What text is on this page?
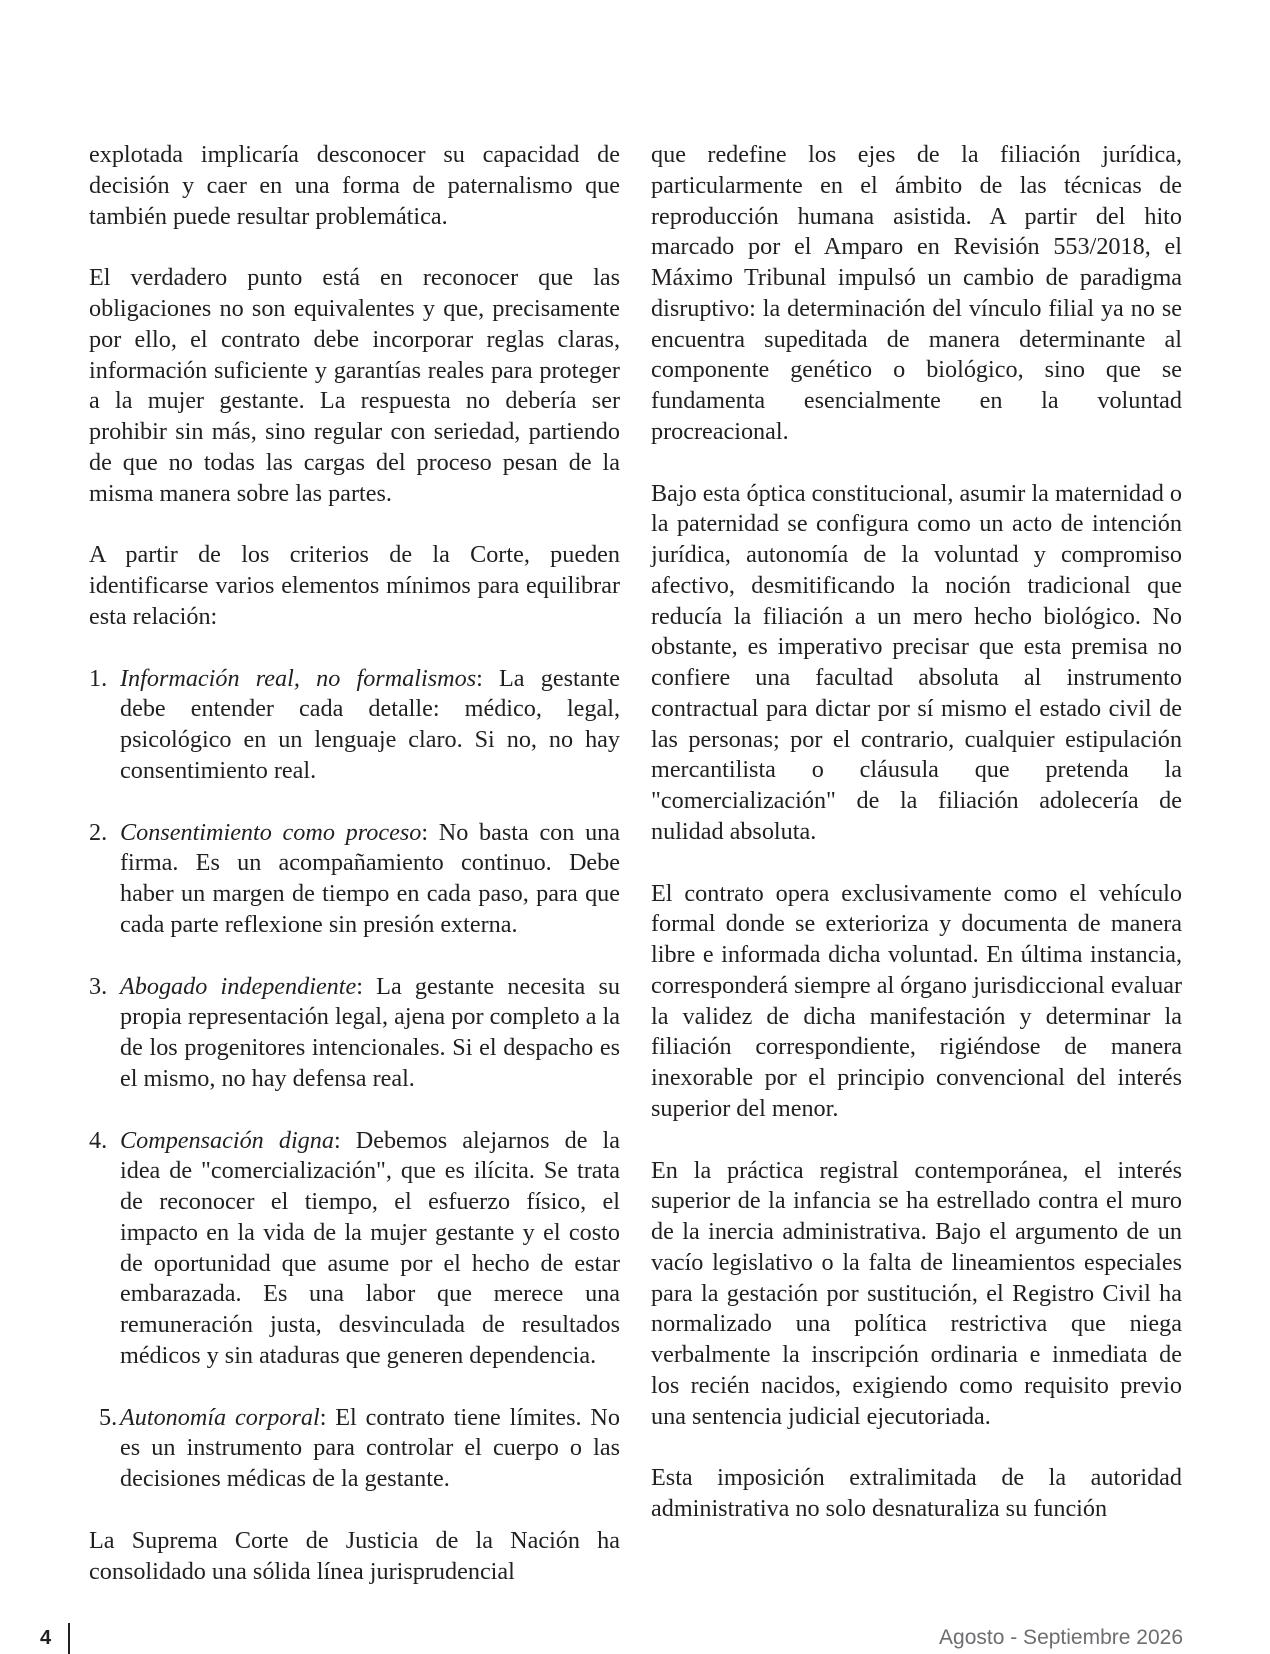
explotada implicaría desconocer su capacidad de decisión y caer en una forma de paternalismo que también puede resultar problemática.

El verdadero punto está en reconocer que las obligaciones no son equivalentes y que, precisamente por ello, el contrato debe incorporar reglas claras, información suficiente y garantías reales para proteger a la mujer gestante. La respuesta no debería ser prohibir sin más, sino regular con seriedad, partiendo de que no todas las cargas del proceso pesan de la misma manera sobre las partes.

A partir de los criterios de la Corte, pueden identificarse varios elementos mínimos para equilibrar esta relación:

1. Información real, no formalismos: La gestante debe entender cada detalle: médico, legal, psicológico en un lenguaje claro. Si no, no hay consentimiento real.
2. Consentimiento como proceso: No basta con una firma. Es un acompañamiento continuo. Debe haber un margen de tiempo en cada paso, para que cada parte reflexione sin presión externa.
3. Abogado independiente: La gestante necesita su propia representación legal, ajena por completo a la de los progenitores intencionales. Si el despacho es el mismo, no hay defensa real.
4. Compensación digna: Debemos alejarnos de la idea de "comercialización", que es ilícita. Se trata de reconocer el tiempo, el esfuerzo físico, el impacto en la vida de la mujer gestante y el costo de oportunidad que asume por el hecho de estar embarazada. Es una labor que merece una remuneración justa, desvinculada de resultados médicos y sin ataduras que generen dependencia.
5. Autonomía corporal: El contrato tiene límites. No es un instrumento para controlar el cuerpo o las decisiones médicas de la gestante.

La Suprema Corte de Justicia de la Nación ha consolidado una sólida línea jurisprudencial

que redefine los ejes de la filiación jurídica, particularmente en el ámbito de las técnicas de reproducción humana asistida. A partir del hito marcado por el Amparo en Revisión 553/2018, el Máximo Tribunal impulsó un cambio de paradigma disruptivo: la determinación del vínculo filial ya no se encuentra supeditada de manera determinante al componente genético o biológico, sino que se fundamenta esencialmente en la voluntad procreacional.

Bajo esta óptica constitucional, asumir la maternidad o la paternidad se configura como un acto de intención jurídica, autonomía de la voluntad y compromiso afectivo, desmitificando la noción tradicional que reducía la filiación a un mero hecho biológico. No obstante, es imperativo precisar que esta premisa no confiere una facultad absoluta al instrumento contractual para dictar por sí mismo el estado civil de las personas; por el contrario, cualquier estipulación mercantilista o cláusula que pretenda la "comercialización" de la filiación adolecería de nulidad absoluta.

El contrato opera exclusivamente como el vehículo formal donde se exterioriza y documenta de manera libre e informada dicha voluntad. En última instancia, corresponderá siempre al órgano jurisdiccional evaluar la validez de dicha manifestación y determinar la filiación correspondiente, rigiéndose de manera inexorable por el principio convencional del interés superior del menor.

En la práctica registral contemporánea, el interés superior de la infancia se ha estrellado contra el muro de la inercia administrativa. Bajo el argumento de un vacío legislativo o la falta de lineamientos especiales para la gestación por sustitución, el Registro Civil ha normalizado una política restrictiva que niega verbalmente la inscripción ordinaria e inmediata de los recién nacidos, exigiendo como requisito previo una sentencia judicial ejecutoriada.

Esta imposición extralimitada de la autoridad administrativa no solo desnaturaliza su función

4	Agosto - Septiembre 2026
